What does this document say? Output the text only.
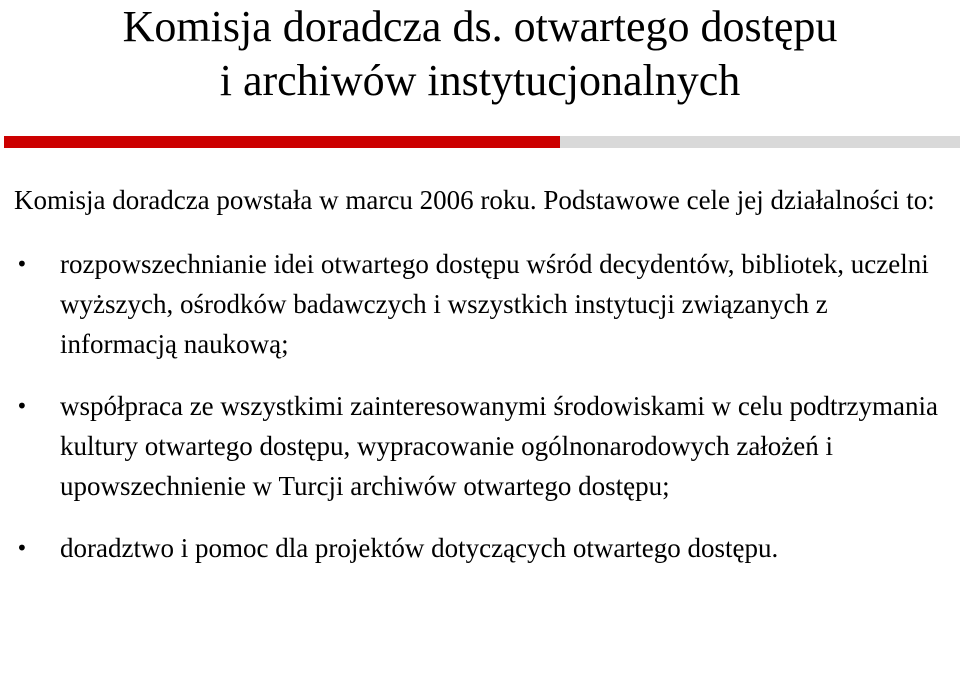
Komisja doradcza ds. otwartego dostępu
i archiwów instytucjonalnych

Komisja doradcza powstała w marcu 2006 roku. Podstawowe cele jej działalności to:

• rozpowszechnianie idei otwartego dostępu wśród decydentów, bibliotek, uczelni wyższych, ośrodków badawczych i wszystkich instytucji związanych z informacją naukową;
• współpraca ze wszystkimi zainteresowanymi środowiskami w celu podtrzymania kultury otwartego dostępu, wypracowanie ogólnonarodowych założeń i upowszechnienie w Turcji archiwów otwartego dostępu;
• doradztwo i pomoc dla projektów dotyczących otwartego dostępu.
